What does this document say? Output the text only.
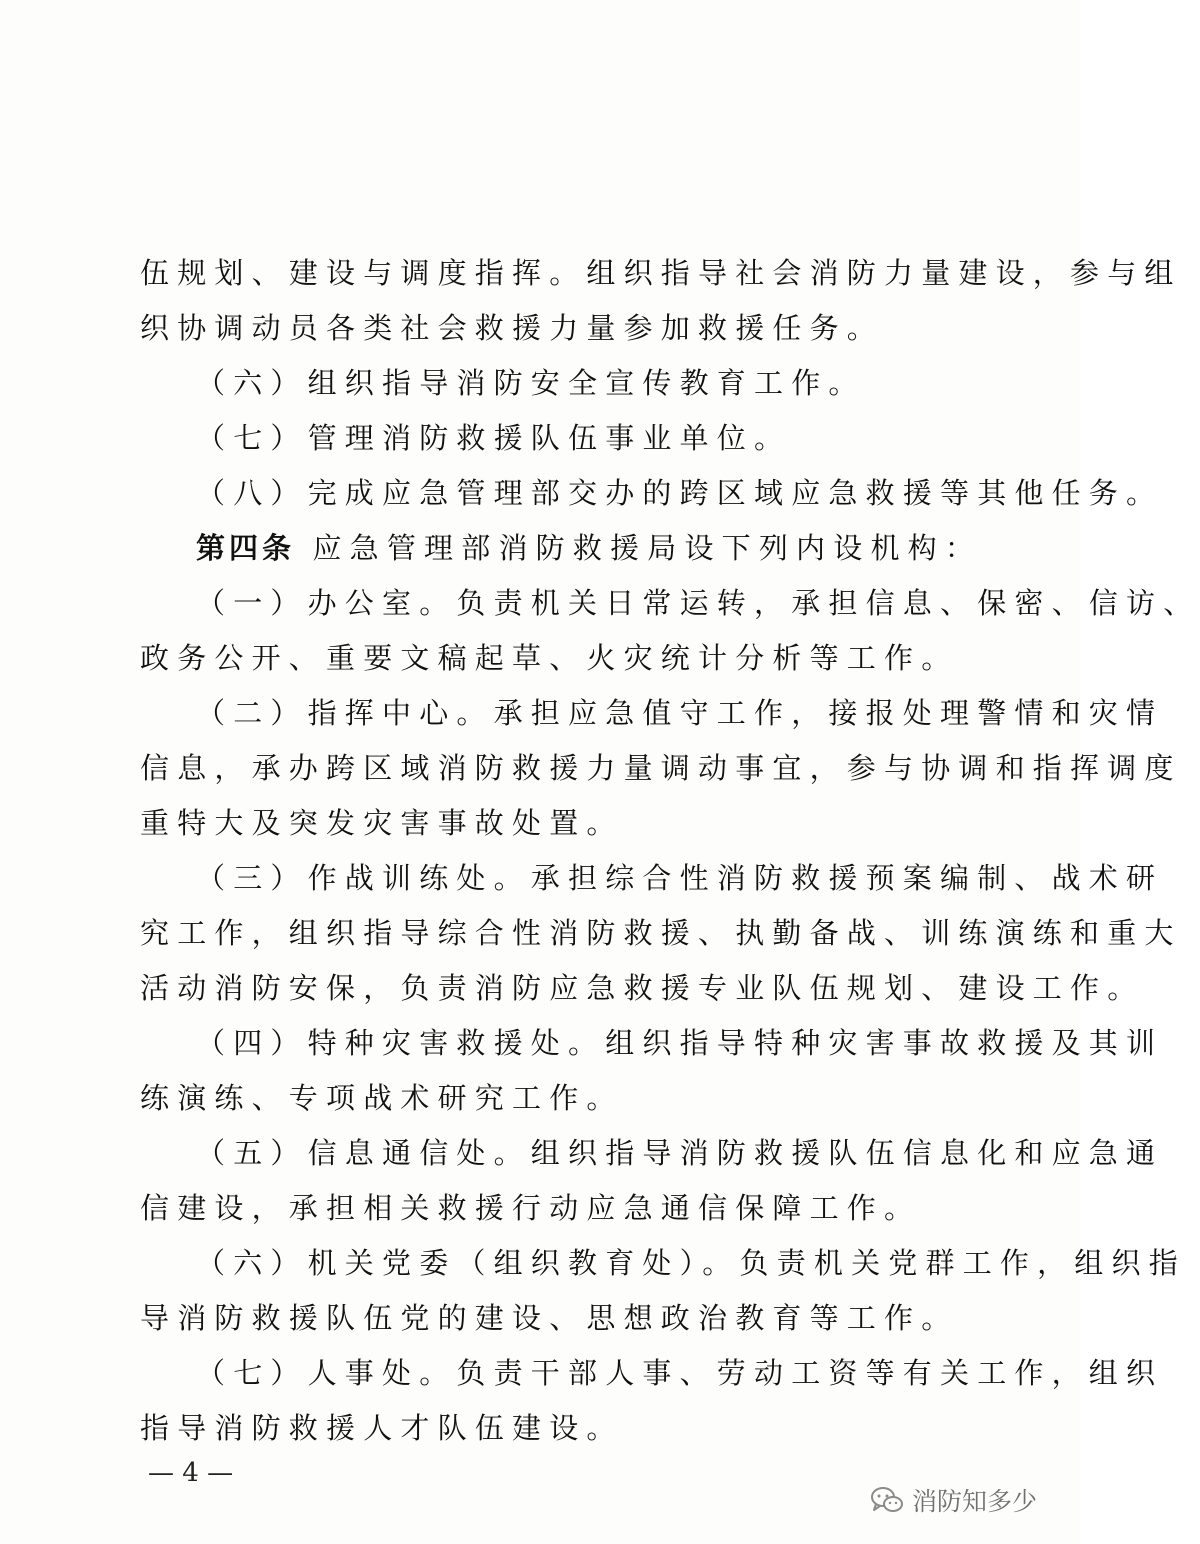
伍规划、建设与调度指挥。组织指导社会消防力量建设，参与组
织协调动员各类社会救援力量参加救援任务。
（六）组织指导消防安全宣传教育工作。
（七）管理消防救援队伍事业单位。
（八）完成应急管理部交办的跨区域应急救援等其他任务。
第四条 应急管理部消防救援局设下列内设机构：
（一）办公室。负责机关日常运转，承担信息、保密、信访、
政务公开、重要文稿起草、火灾统计分析等工作。
（二）指挥中心。承担应急值守工作，接报处理警情和灾情
信息，承办跨区域消防救援力量调动事宜，参与协调和指挥调度
重特大及突发灾害事故处置。
（三）作战训练处。承担综合性消防救援预案编制、战术研
究工作，组织指导综合性消防救援、执勤备战、训练演练和重大
活动消防安保，负责消防应急救援专业队伍规划、建设工作。
（四）特种灾害救援处。组织指导特种灾害事故救援及其训
练演练、专项战术研究工作。
（五）信息通信处。组织指导消防救援队伍信息化和应急通
信建设，承担相关救援行动应急通信保障工作。
（六）机关党委（组织教育处）。负责机关党群工作，组织指
导消防救援队伍党的建设、思想政治教育等工作。
（七）人事处。负责干部人事、劳动工资等有关工作，组织
指导消防救援人才队伍建设。
— 4 —
消防知多少
